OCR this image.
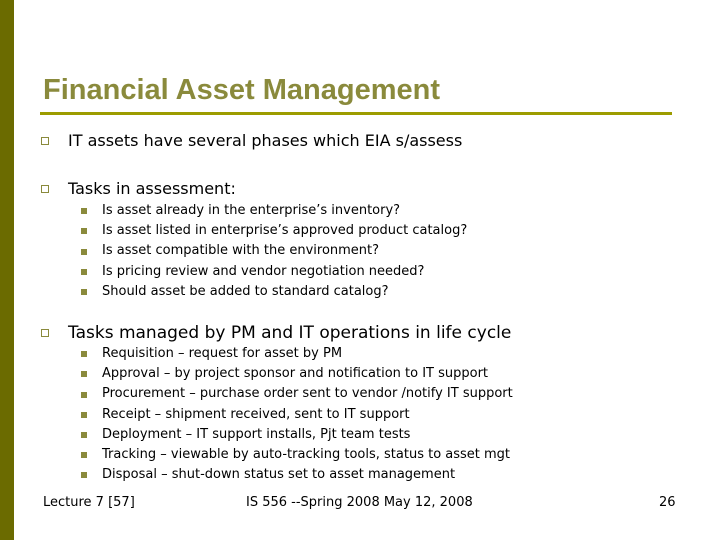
Financial Asset Management
IT assets have several phases which EIA s/assess
Tasks in assessment:
Is asset already in the enterprise’s inventory?
Is asset listed in enterprise’s approved product catalog?
Is asset compatible with the environment?
Is pricing review and vendor negotiation needed?
Should asset be added to standard catalog?
Tasks managed by PM and IT operations in life cycle
Requisition – request for asset by PM
Approval – by project sponsor and notification to IT support
Procurement – purchase order sent to vendor /notify IT support
Receipt – shipment received, sent to IT support
Deployment – IT support installs, Pjt team tests
Tracking – viewable by auto-tracking tools, status to asset mgt
Disposal – shut-down status set to asset management
Lecture 7 [57]	IS 556 --Spring 2008 May 12, 2008	26
